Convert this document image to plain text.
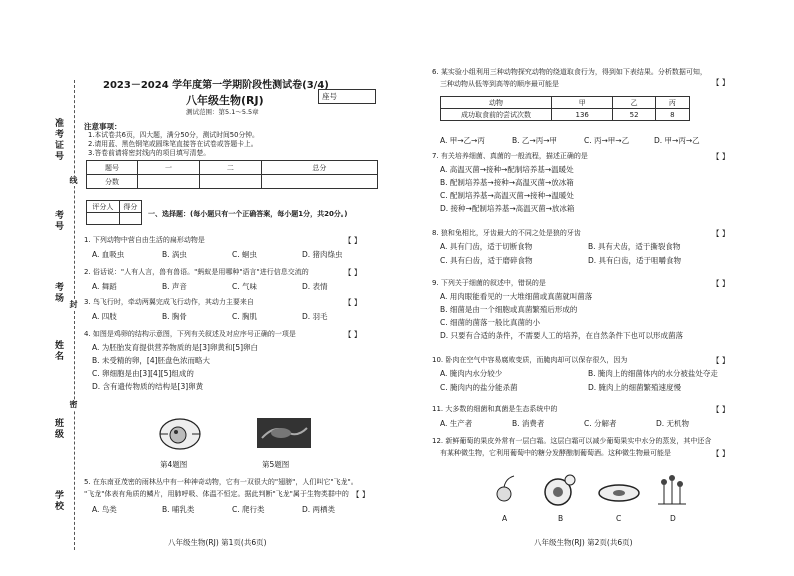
准考证号
考号
考场
姓名
班级
学校
线
封
密
2023－2024 学年度第一学期阶段性测试卷(3/4)
八年级生物(RJ)	座号
测试范围：第5.1～5.5章
注意事项：
1.本试卷共6页，四大题，满分50分，测试时间50分钟。
2.请用蓝、黑色钢笔或圆珠笔直接答在试卷或答题卡上。
3.答卷前请将密封线内的项目填写清楚。
题号	一	二	总分
分数			
评分人	得分

一、选择题：(每小题只有一个正确答案，每小题1分，共20分。)
1. 下列动物中营自由生活的扁形动物是	【 】
A. 血吸虫	B. 涡虫	C. 蛔虫	D. 猪肉绦虫
2. 俗话说："人有人言，兽有兽语。"蚂蚁是用哪种"语言"进行信息交流的	【 】
A. 舞蹈	B. 声音	C. 气味	D. 表情
3. 鸟飞行时，牵动两翼完成飞行动作，其动力主要来自	【 】
A. 四肢	B. 胸骨	C. 胸肌	D. 羽毛
4. 如图是鸡卵的结构示意图，下列有关叙述及对应序号正确的一项是	【 】
A. 为胚胎发育提供营养物质的是[3]卵黄和[5]卵白
B. 未受精的卵，[4]胚盘色浓而略大
C. 卵细胞是由[3][4][5]组成的
D. 含有遗传物质的结构是[3]卵黄
第4题图	第5题图
5. 在东南亚茂密的雨林丛中有一种神奇动物，它有一双很大的"翅膀"，人们叫它"飞龙"。
"飞龙"体表有角质的鳞片，用肺呼吸、体温不恒定。据此判断"飞龙"属于生物类群中的 【 】
A. 鸟类	B. 哺乳类	C. 爬行类	D. 两栖类
八年级生物(RJ) 第1页(共6页)
6. 某实验小组利用三种动物探究动物的绕道取食行为，得到如下表结果。分析数据可知，
三种动物从低等到高等的顺序最可能是	【 】
动物	甲	乙	丙
成功取食前的尝试次数	136	52	8
A. 甲→乙→丙	B. 乙→丙→甲	C. 丙→甲→乙	D. 甲→丙→乙
7. 有关培养细菌、真菌的一般流程，描述正确的是	【 】
A. 高温灭菌→接种→配制培养基→温暖处
B. 配制培养基→接种→高温灭菌→放冰箱
C. 配制培养基→高温灭菌→接种→温暖处
D. 接种→配制培养基→高温灭菌→放冰箱
8. 狼和兔相比，牙齿最大的不同之处是狼的牙齿	【 】
A. 具有门齿，适于切断食物	B. 具有犬齿，适于撕裂食物
C. 具有臼齿，适于磨碎食物	D. 具有臼齿，适于咀嚼食物
9. 下列关于细菌的叙述中，错误的是	【 】
A. 用肉眼能看见的一大堆细菌或真菌就叫菌落
B. 细菌是由一个细胞或真菌繁殖后形成的
C. 细菌的菌落一般比真菌的小
D. 只要有合适的条件，不需要人工的培养，在自然条件下也可以形成菌落
10. 卧肉在空气中容易腐败变质，而腌肉却可以保存很久，因为	【 】
A. 腌肉内水分较少	B. 腌肉上的细菌体内的水分被盐处夺走
C. 腌肉内的盐分能杀菌	D. 腌肉上的细菌繁殖速度慢
11. 大多数的细菌和真菌是生态系统中的	【 】
A. 生产者	B. 消费者	C. 分解者	D. 无机物
12. 新鲜葡萄的果皮外常有一层白霜。这层白霜可以减少葡萄果实中水分的蒸发，其中还含
有某种微生物，它利用葡萄中的糖分发酵酿制葡萄酒。这种微生物最可能是	【 】
A	B	C	D
八年级生物(RJ) 第2页(共6页)
